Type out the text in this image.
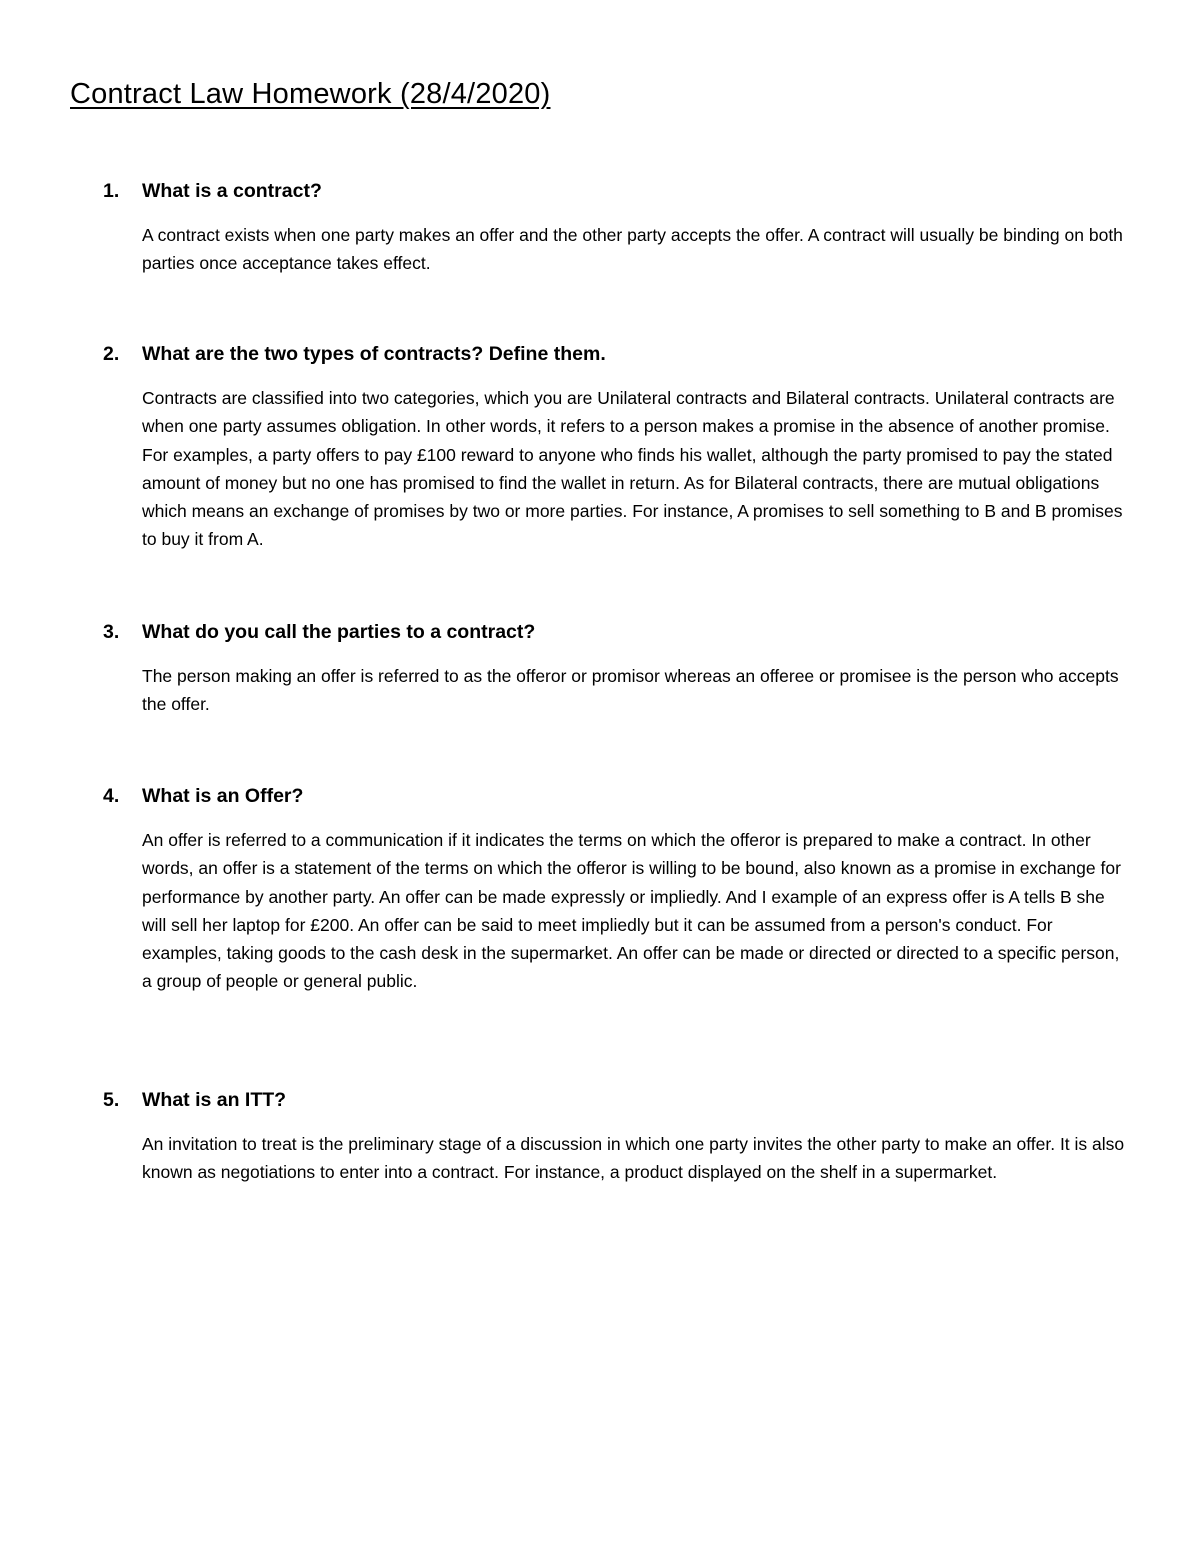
Contract Law Homework (28/4/2020)
1. What is a contract?

A contract exists when one party makes an offer and the other party accepts the offer. A contract will usually be binding on both parties once acceptance takes effect.

2. What are the two types of contracts? Define them.

Contracts are classified into two categories, which you are Unilateral contracts and Bilateral contracts. Unilateral contracts are when one party assumes obligation. In other words, it refers to a person makes a promise in the absence of another promise. For examples, a party offers to pay £100 reward to anyone who finds his wallet, although the party promised to pay the stated amount of money but no one has promised to find the wallet in return. As for Bilateral contracts, there are mutual obligations which means an exchange of promises by two or more parties. For instance, A promises to sell something to B and B promises to buy it from A.

3. What do you call the parties to a contract?

The person making an offer is referred to as the offeror or promisor whereas an offeree or promisee is the person who accepts the offer.

4. What is an Offer?

An offer is referred to a communication if it indicates the terms on which the offeror is prepared to make a contract. In other words, an offer is a statement of the terms on which the offeror is willing to be bound, also known as a promise in exchange for performance by another party. An offer can be made expressly or impliedly. And I example of an express offer is A tells B she will sell her laptop for £200. An offer can be said to meet impliedly but it can be assumed from a person's conduct. For examples, taking goods to the cash desk in the supermarket. An offer can be made or directed or directed to a specific person, a group of people or general public.

5. What is an ITT?

An invitation to treat is the preliminary stage of a discussion in which one party invites the other party to make an offer. It is also known as negotiations to enter into a contract. For instance, a product displayed on the shelf in a supermarket.
